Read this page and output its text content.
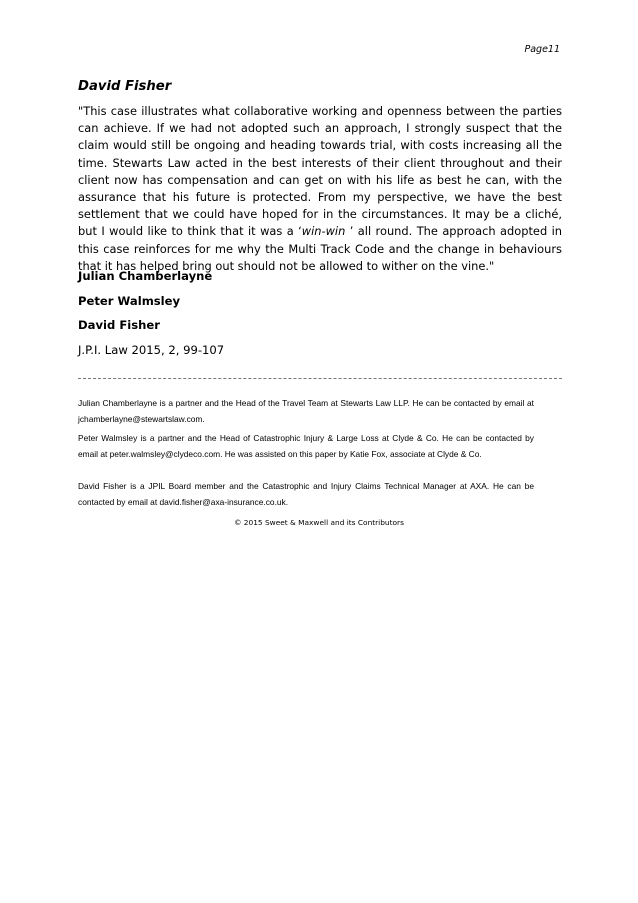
Page11
David Fisher

"This case illustrates what collaborative working and openness between the parties can achieve. If we had not adopted such an approach, I strongly suspect that the claim would still be ongoing and heading towards trial, with costs increasing all the time. Stewarts Law acted in the best interests of their client throughout and their client now has compensation and can get on with his life as best he can, with the assurance that his future is protected. From my perspective, we have the best settlement that we could have hoped for in the circumstances. It may be a cliché, but I would like to think that it was a ‘win-win ’ all round. The approach adopted in this case reinforces for me why the Multi Track Code and the change in behaviours that it has helped bring out should not be allowed to wither on the vine."

Julian Chamberlayne

Peter Walmsley

David Fisher

J.P.I. Law 2015, 2, 99-107

Julian Chamberlayne is a partner and the Head of the Travel Team at Stewarts Law LLP. He can be contacted by email at jchamberlayne@stewartslaw.com.

Peter Walmsley is a partner and the Head of Catastrophic Injury & Large Loss at Clyde & Co. He can be contacted by email at peter.walmsley@clydeco.com. He was assisted on this paper by Katie Fox, associate at Clyde & Co.

David Fisher is a JPIL Board member and the Catastrophic and Injury Claims Technical Manager at AXA. He can be contacted by email at david.fisher@axa-insurance.co.uk.

© 2015 Sweet & Maxwell and its Contributors
